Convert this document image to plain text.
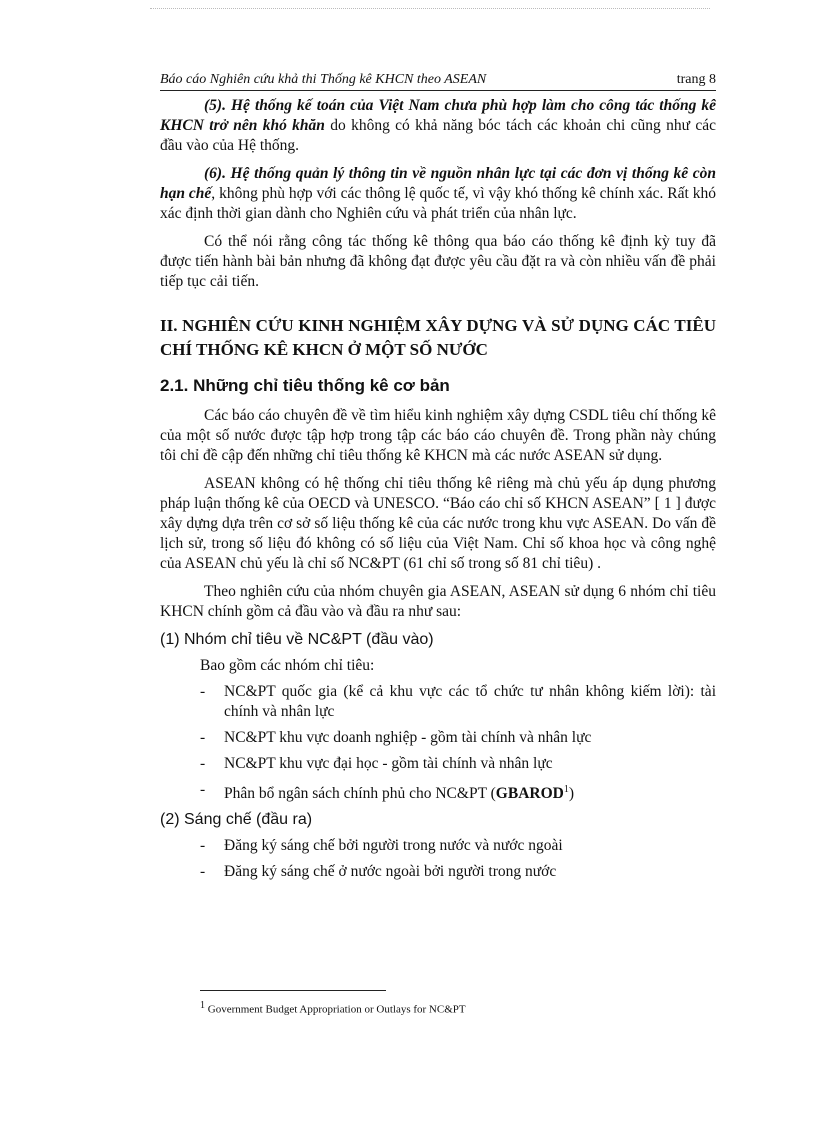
Báo cáo Nghiên cứu khả thi Thống kê KHCN theo ASEAN	trang 8

(5). Hệ thống kế toán của Việt Nam chưa phù hợp làm cho công tác thống kê KHCN trở nên khó khăn do không có khả năng bóc tách các khoản chi cũng như các đầu vào của Hệ thống.

(6). Hệ thống quản lý thông tin về nguồn nhân lực tại các đơn vị thống kê còn hạn chế, không phù hợp với các thông lệ quốc tế, vì vậy khó thống kê chính xác. Rất khó xác định thời gian dành cho Nghiên cứu và phát triển của nhân lực.

Có thể nói rằng công tác thống kê thông qua báo cáo thống kê định kỳ tuy đã được tiến hành bài bản nhưng đã không đạt được yêu cầu đặt ra và còn nhiều vấn đề phải tiếp tục cải tiến.

II. NGHIÊN CỨU KINH NGHIỆM XÂY DỰNG VÀ SỬ DỤNG CÁC TIÊU CHÍ THỐNG KÊ KHCN Ở MỘT SỐ NƯỚC
2.1. Những chỉ tiêu thống kê cơ bản

Các báo cáo chuyên đề về tìm hiểu kinh nghiệm xây dựng CSDL tiêu chí thống kê của một số nước được tập hợp trong tập các báo cáo chuyên đề. Trong phần này chúng tôi chỉ đề cập đến những chỉ tiêu thống kê KHCN mà các nước ASEAN sử dụng.

ASEAN không có hệ thống chỉ tiêu thống kê riêng mà chủ yếu áp dụng phương pháp luận thống kê của OECD và UNESCO. “Báo cáo chỉ số KHCN ASEAN” [ 1 ] được xây dựng dựa trên cơ sở số liệu thống kê của các nước trong khu vực ASEAN. Do vấn đề lịch sử, trong số liệu đó không có số liệu của Việt Nam. Chỉ số khoa học và công nghệ của ASEAN chủ yếu là chỉ số NC&PT (61 chỉ số trong số 81 chỉ tiêu) .

Theo nghiên cứu của nhóm chuyên gia ASEAN, ASEAN sử dụng 6 nhóm chỉ tiêu KHCN chính gồm cả đầu vào và đầu ra như sau:

(1) Nhóm chỉ tiêu về NC&PT (đầu vào)
Bao gồm các nhóm chỉ tiêu:
- NC&PT quốc gia (kể cả khu vực các tổ chức tư nhân không kiếm lời): tài chính và nhân lực
- NC&PT khu vực doanh nghiệp - gồm tài chính và nhân lực
- NC&PT khu vực đại học - gồm tài chính và nhân lực
- Phân bổ ngân sách chính phủ cho NC&PT (GBAROD$^1$)
(2) Sáng chế (đầu ra)
- Đăng ký sáng chế bởi người trong nước và nước ngoài
- Đăng ký sáng chế ở nước ngoài bởi người trong nước
$^1$ Government Budget Appropriation or Outlays for NC&PT
